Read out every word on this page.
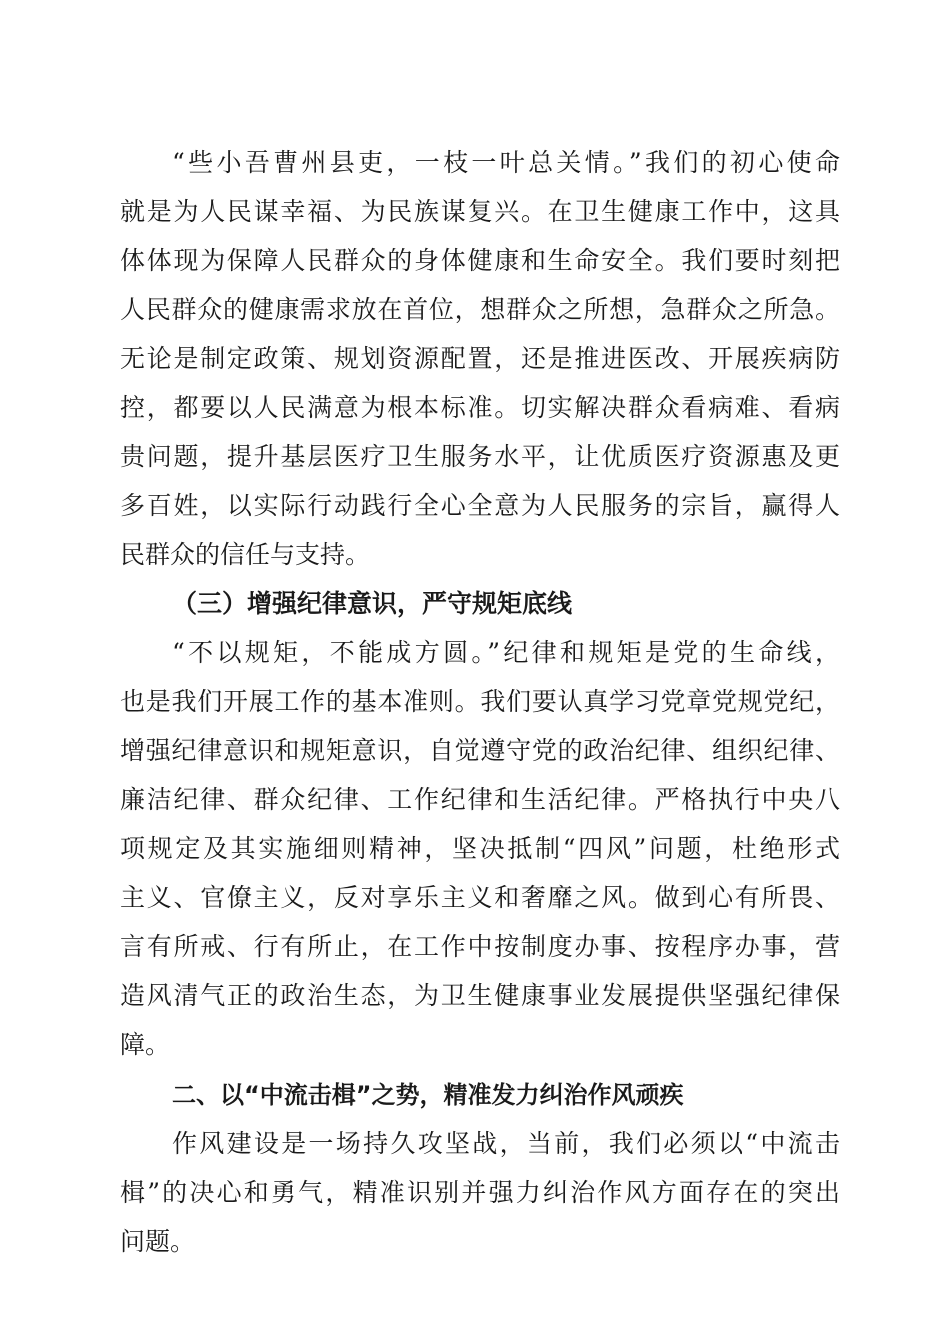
“些小吾曹州县吏，一枝一叶总关情。”我们的初心使命
就是为人民谋幸福、为民族谋复兴。在卫生健康工作中，这具
体体现为保障人民群众的身体健康和生命安全。我们要时刻把
人民群众的健康需求放在首位，想群众之所想，急群众之所急。
无论是制定政策、规划资源配置，还是推进医改、开展疾病防
控，都要以人民满意为根本标准。切实解决群众看病难、看病
贵问题，提升基层医疗卫生服务水平，让优质医疗资源惠及更
多百姓，以实际行动践行全心全意为人民服务的宗旨，赢得人
民群众的信任与支持。
（三）增强纪律意识，严守规矩底线
“不以规矩，不能成方圆。”纪律和规矩是党的生命线，
也是我们开展工作的基本准则。我们要认真学习党章党规党纪，
增强纪律意识和规矩意识，自觉遵守党的政治纪律、组织纪律、
廉洁纪律、群众纪律、工作纪律和生活纪律。严格执行中央八
项规定及其实施细则精神，坚决抵制“四风”问题，杜绝形式
主义、官僚主义，反对享乐主义和奢靡之风。做到心有所畏、
言有所戒、行有所止，在工作中按制度办事、按程序办事，营
造风清气正的政治生态，为卫生健康事业发展提供坚强纪律保
障。
二、以“中流击楫”之势，精准发力纠治作风顽疾
作风建设是一场持久攻坚战，当前，我们必须以“中流击
楫”的决心和勇气，精准识别并强力纠治作风方面存在的突出
问题。
